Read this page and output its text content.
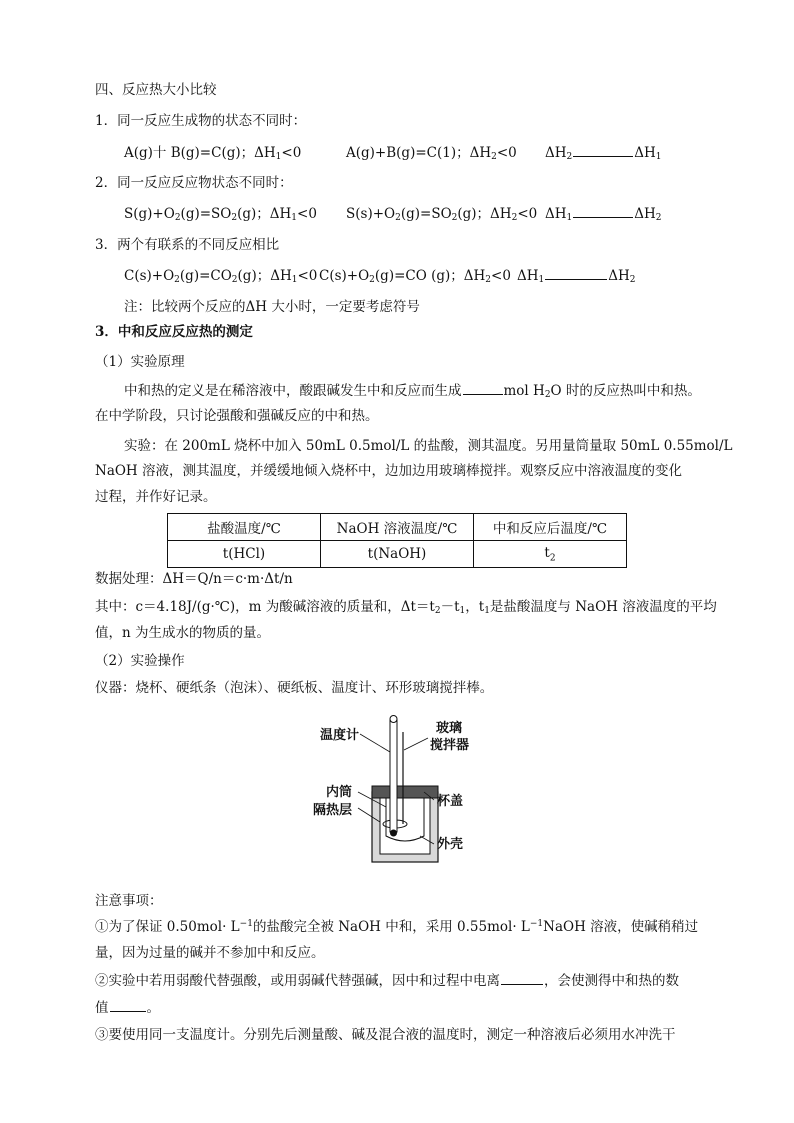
四、反应热大小比较
1．同一反应生成物的状态不同时：
A(g)十 B(g)=C(g)；$\Delta H_1<0$	A(g)+B(g)=C(1)；$\Delta H_2<0$ $\Delta H_2$	$\Delta H_1$
2．同一反应反应物状态不同时：
$S(g)+O_2(g)=SO_2(g)$；$\Delta H_1<0$ $S(s)+O_2(g)=SO_2(g)$；$\Delta H_2<0$ $\Delta H_1$	$\Delta H_2$
3．两个有联系的不同反应相比
$C(s)+O_2(g)=CO_2(g)$；$\Delta H_1<0$ $C(s)+O_2(g)=CO$ (g)；$\Delta H_2<0$ $\Delta H_1$	$\Delta H_2$
注：比较两个反应的ΔH 大小时，一定要考虑符号
3．中和反应反应热的测定
（1）实验原理
中和热的定义是在稀溶液中，酸跟碱发生中和反应而生成	mol $H_2O$ 时的反应热叫中和热。
在中学阶段，只讨论强酸和强碱反应的中和热。
实验：在 200mL 烧杯中加入 50mL 0.5mol/L 的盐酸，测其温度。另用量筒量取 50mL 0.55mol/L
NaOH 溶液，测其温度，并缓缓地倾入烧杯中，边加边用玻璃棒搅拌。观察反应中溶液温度的变化
过程，并作好记录。
盐酸温度/℃	NaOH 溶液温度/℃	中和反应后温度/℃
t(HCl)	t(NaOH)	$t_2$
数据处理：ΔH＝Q/n＝c·m·Δt/n
其中：c＝4.18J/(g·℃)，m 为酸碱溶液的质量和，$\Delta t=t_2-t_1$，$t_1$是盐酸温度与 NaOH 溶液温度的平均
值，n 为生成水的物质的量。
（2）实验操作
仪器：烧杯、硬纸条（泡沫）、硬纸板、温度计、环形玻璃搅拌棒。
温度计	玻璃
搅拌器
内筒
隔热层
杯盖
外壳
注意事项：
①为了保证 $0.50mol\cdot L^{-1}$的盐酸完全被 NaOH 中和，采用 $0.55mol\cdot L^{-1}NaOH$ 溶液，使碱稍稍过
量，因为过量的碱并不参加中和反应。
②实验中若用弱酸代替强酸，或用弱碱代替强碱，因中和过程中电离	，会使测得中和热的数
值	。
③要使用同一支温度计。分别先后测量酸、碱及混合液的温度时，测定一种溶液后必须用水冲洗干
